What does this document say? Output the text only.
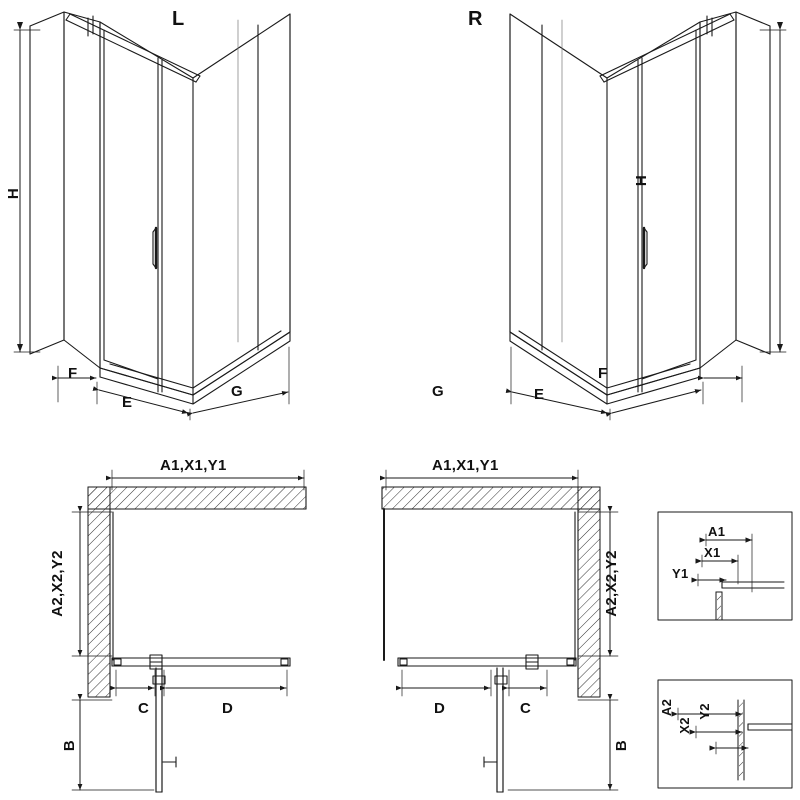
L
H
F
E
G
R
H
G	E
F
A1,X1,Y1
A2,X2,Y2
C	D
B
A1,X1,Y1
A2,X2,Y2
D	C
B
A1
X1
Y1
A2
X2
Y2
